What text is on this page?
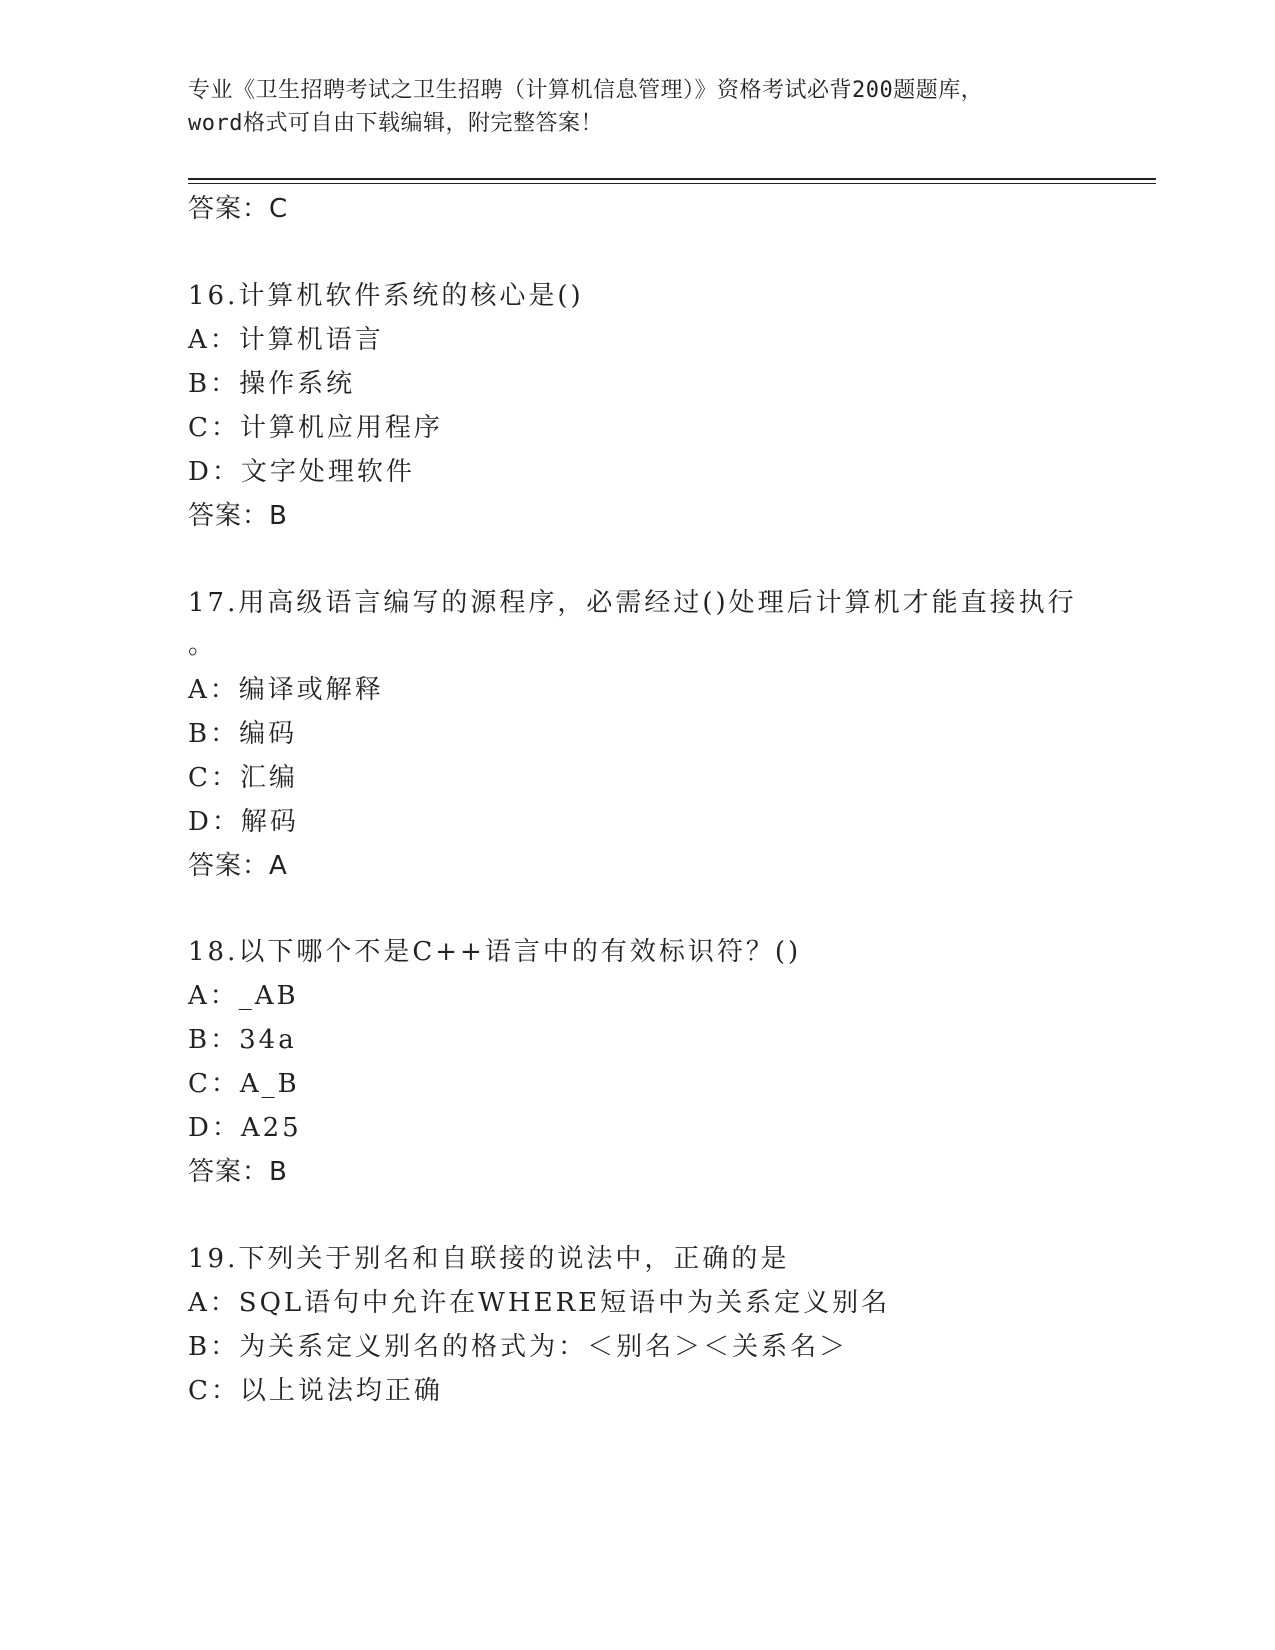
专业《卫生招聘考试之卫生招聘（计算机信息管理）》资格考试必背200题题库，
word格式可自由下载编辑，附完整答案！
答案：C
16.计算机软件系统的核心是()
A：计算机语言
B：操作系统
C：计算机应用程序
D：文字处理软件
答案：B
17.用高级语言编写的源程序，必需经过()处理后计算机才能直接执行
。
A：编译或解释
B：编码
C：汇编
D：解码
答案：A
18.以下哪个不是C++语言中的有效标识符？()
A：_AB
B：34a
C：A_B
D：A25
答案：B
19.下列关于别名和自联接的说法中，正确的是
A：SQL语句中允许在WHERE短语中为关系定义别名
B：为关系定义别名的格式为：＜别名＞＜关系名＞
C：以上说法均正确
